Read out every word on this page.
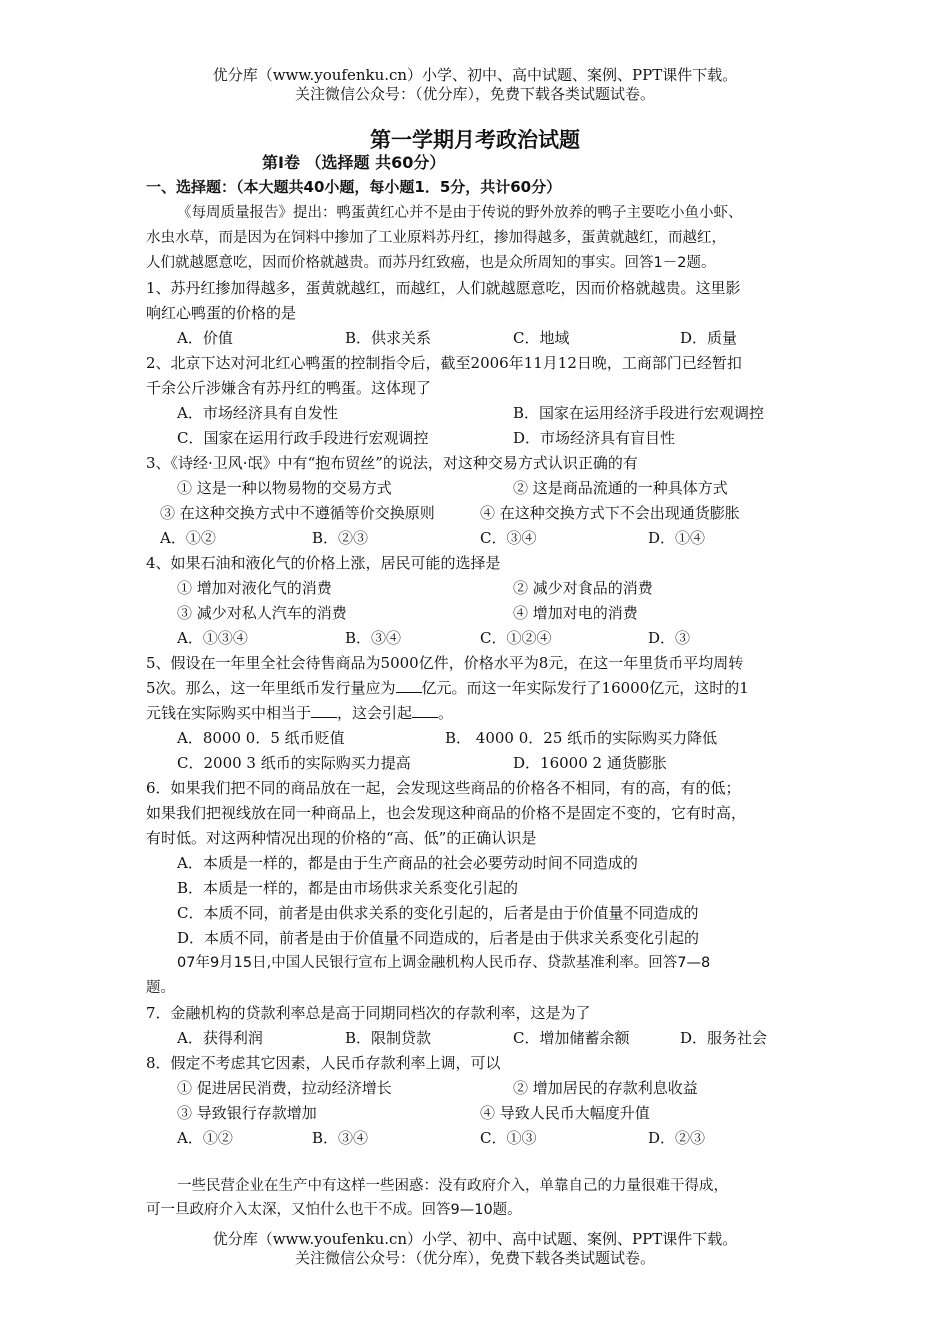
优分库（www.youfenku.cn）小学、初中、高中试题、案例、PPT课件下载。
关注微信公众号：（优分库），免费下载各类试题试卷。
第一学期月考政治试题
第Ⅰ卷 （选择题 共60分）
一、选择题：（本大题共40小题，每小题1．5分，共计60分）
《每周质量报告》提出：鸭蛋黄红心并不是由于传说的野外放养的鸭子主要吃小鱼小虾、
水虫水草，而是因为在饲料中掺加了工业原料苏丹红，掺加得越多，蛋黄就越红，而越红，
人们就越愿意吃，因而价格就越贵。而苏丹红致癌，也是众所周知的事实。回答1－2题。
1、苏丹红掺加得越多，蛋黄就越红，而越红，人们就越愿意吃，因而价格就越贵。这里影
响红心鸭蛋的价格的是
A．价值	B．供求关系	C．地域	D．质量
2、北京下达对河北红心鸭蛋的控制指令后，截至2006年11月12日晚，工商部门已经暂扣
千余公斤涉嫌含有苏丹红的鸭蛋。这体现了
A．市场经济具有自发性	B．国家在运用经济手段进行宏观调控
C．国家在运用行政手段进行宏观调控	D．市场经济具有盲目性
3、《诗经·卫风·氓》中有“抱布贸丝”的说法，对这种交易方式认识正确的有
① 这是一种以物易物的交易方式	② 这是商品流通的一种具体方式
③ 在这种交换方式中不遵循等价交换原则	④ 在这种交换方式下不会出现通货膨胀
A．①②	B．②③	C．③④	D．①④
4、如果石油和液化气的价格上涨，居民可能的选择是
① 增加对液化气的消费	② 减少对食品的消费
③ 减少对私人汽车的消费	④ 增加对电的消费
A．①③④	B．③④	C．①②④	D．③
5、假设在一年里全社会待售商品为5000亿件，价格水平为8元，在这一年里货币平均周转
5次。那么，这一年里纸币发行量应为 亿元。而这一年实际发行了16000亿元，这时的1
元钱在实际购买中相当于 ，这会引起 。
A．8000 0．5 纸币贬值	B． 4000 0．25 纸币的实际购买力降低
C．2000 3 纸币的实际购买力提高	D．16000 2 通货膨胀
6．如果我们把不同的商品放在一起，会发现这些商品的价格各不相同，有的高，有的低；
如果我们把视线放在同一种商品上，也会发现这种商品的价格不是固定不变的，它有时高，
有时低。对这两种情况出现的价格的“高、低”的正确认识是
A．本质是一样的，都是由于生产商品的社会必要劳动时间不同造成的
B．本质是一样的，都是由市场供求关系变化引起的
C．本质不同，前者是由供求关系的变化引起的，后者是由于价值量不同造成的
D．本质不同，前者是由于价值量不同造成的，后者是由于供求关系变化引起的
07年9月15日,中国人民银行宣布上调金融机构人民币存、贷款基准利率。回答7—8
题。
7．金融机构的贷款利率总是高于同期同档次的存款利率，这是为了
A．获得利润	B．限制贷款	C．增加储蓄余额	D．服务社会
8．假定不考虑其它因素，人民币存款利率上调，可以
① 促进居民消费，拉动经济增长	② 增加居民的存款利息收益
③ 导致银行存款增加	④ 导致人民币大幅度升值
A．①②	B．③④	C．①③	D．②③
一些民营企业在生产中有这样一些困惑：没有政府介入，单靠自己的力量很难干得成，
可一旦政府介入太深，又怕什么也干不成。回答9—10题。
优分库（www.youfenku.cn）小学、初中、高中试题、案例、PPT课件下载。
关注微信公众号：（优分库），免费下载各类试题试卷。
